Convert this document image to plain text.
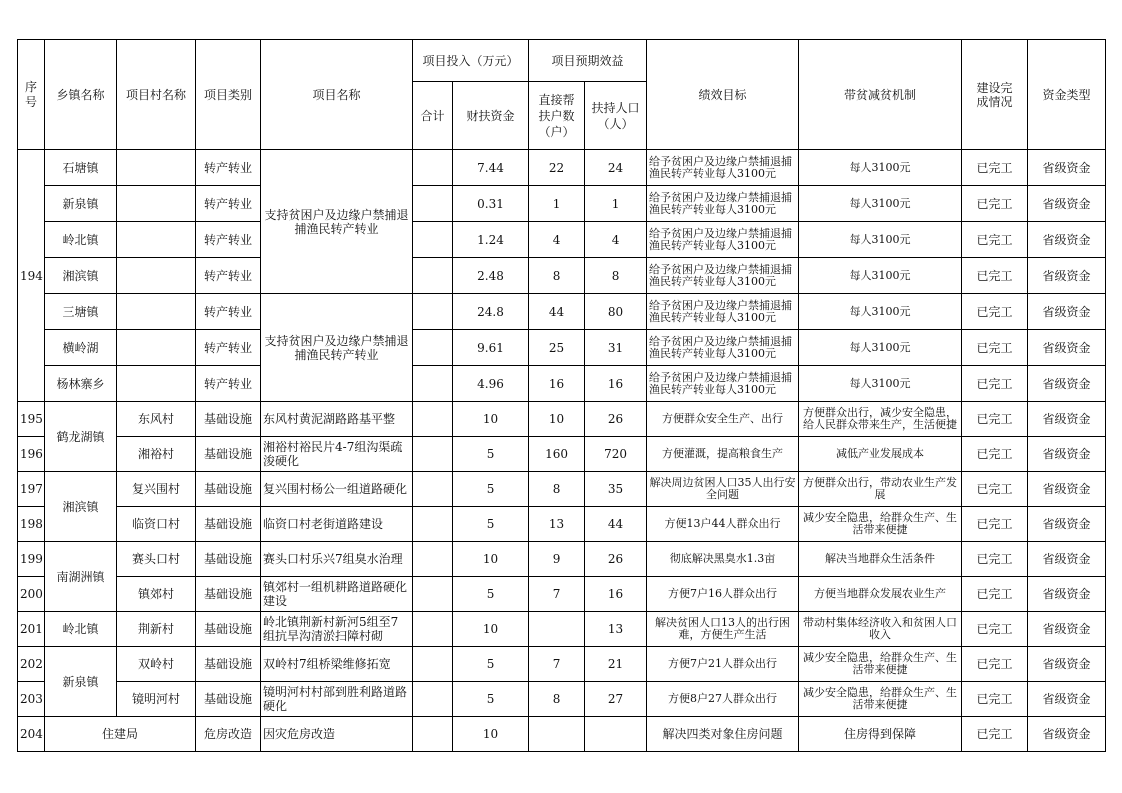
序号	乡镇名称	项目村名称	项目类别	项目名称	项目投入（万元）		项目预期效益		绩效目标	带贫减贫机制	建设完成情况	资金类型
					合计	财扶资金	直接帮扶户数（户）	扶持人口（人）				
194	石塘镇		转产转业	支持贫困户及边缘户禁捕退捕渔民转产转业		7.44	22	24	给予贫困户及边缘户禁捕退捕渔民转产转业每人3100元	每人3100元	已完工	省级资金
	新泉镇		转产转业			0.31	1	1	给予贫困户及边缘户禁捕退捕渔民转产转业每人3100元	每人3100元	已完工	省级资金
	岭北镇		转产转业			1.24	4	4	给予贫困户及边缘户禁捕退捕渔民转产转业每人3100元	每人3100元	已完工	省级资金
	湘滨镇		转产转业			2.48	8	8	给予贫困户及边缘户禁捕退捕渔民转产转业每人3100元	每人3100元	已完工	省级资金
	三塘镇		转产转业	支持贫困户及边缘户禁捕退捕渔民转产转业		24.8	44	80	给予贫困户及边缘户禁捕退捕渔民转产转业每人3100元	每人3100元	已完工	省级资金
	横岭湖		转产转业			9.61	25	31	给予贫困户及边缘户禁捕退捕渔民转产转业每人3100元	每人3100元	已完工	省级资金
	杨林寨乡		转产转业			4.96	16	16	给予贫困户及边缘户禁捕退捕渔民转产转业每人3100元	每人3100元	已完工	省级资金
195	鹤龙湖镇	东风村	基础设施	东风村黄泥湖路路基平整		10	10	26	方便群众安全生产、出行	方便群众出行，减少安全隐患，给人民群众带来生产，生活便捷	已完工	省级资金
196		湘裕村	基础设施	湘裕村裕民片4-7组沟渠疏浚硬化		5	160	720	方便灌溉，提高粮食生产	减低产业发展成本	已完工	省级资金
197	湘滨镇	复兴围村	基础设施	复兴围村杨公一组道路硬化		5	8	35	解决周边贫困人口35人出行安全问题	方便群众出行，带动农业生产发展	已完工	省级资金
198		临资口村	基础设施	临资口村老街道路建设		5	13	44	方便13户44人群众出行	减少安全隐患，给群众生产、生活带来便捷	已完工	省级资金
199	南湖洲镇	赛头口村	基础设施	赛头口村乐兴7组臭水治理		10	9	26	彻底解决黑臭水1.3亩	解决当地群众生活条件	已完工	省级资金
200		镇郊村	基础设施	镇郊村一组机耕路道路硬化建设		5	7	16	方便7户16人群众出行	方便当地群众发展农业生产	已完工	省级资金
201	岭北镇	荆新村	基础设施	岭北镇荆新村新河5组至7组抗旱沟清淤扫障村砌		10		13	解决贫困人口13人的出行困难，方便生产生活	带动村集体经济收入和贫困人口收入	已完工	省级资金
202	新泉镇	双岭村	基础设施	双岭村7组桥梁维修拓宽		5	7	21	方便7户21人群众出行	减少安全隐患，给群众生产、生活带来便捷	已完工	省级资金
203		镜明河村	基础设施	镜明河村村部到胜利路道路硬化		5	8	27	方便8户27人群众出行	减少安全隐患，给群众生产、生活带来便捷	已完工	省级资金
204	住建局		危房改造	因灾危房改造		10			解决四类对象住房问题	住房得到保障	已完工	省级资金
